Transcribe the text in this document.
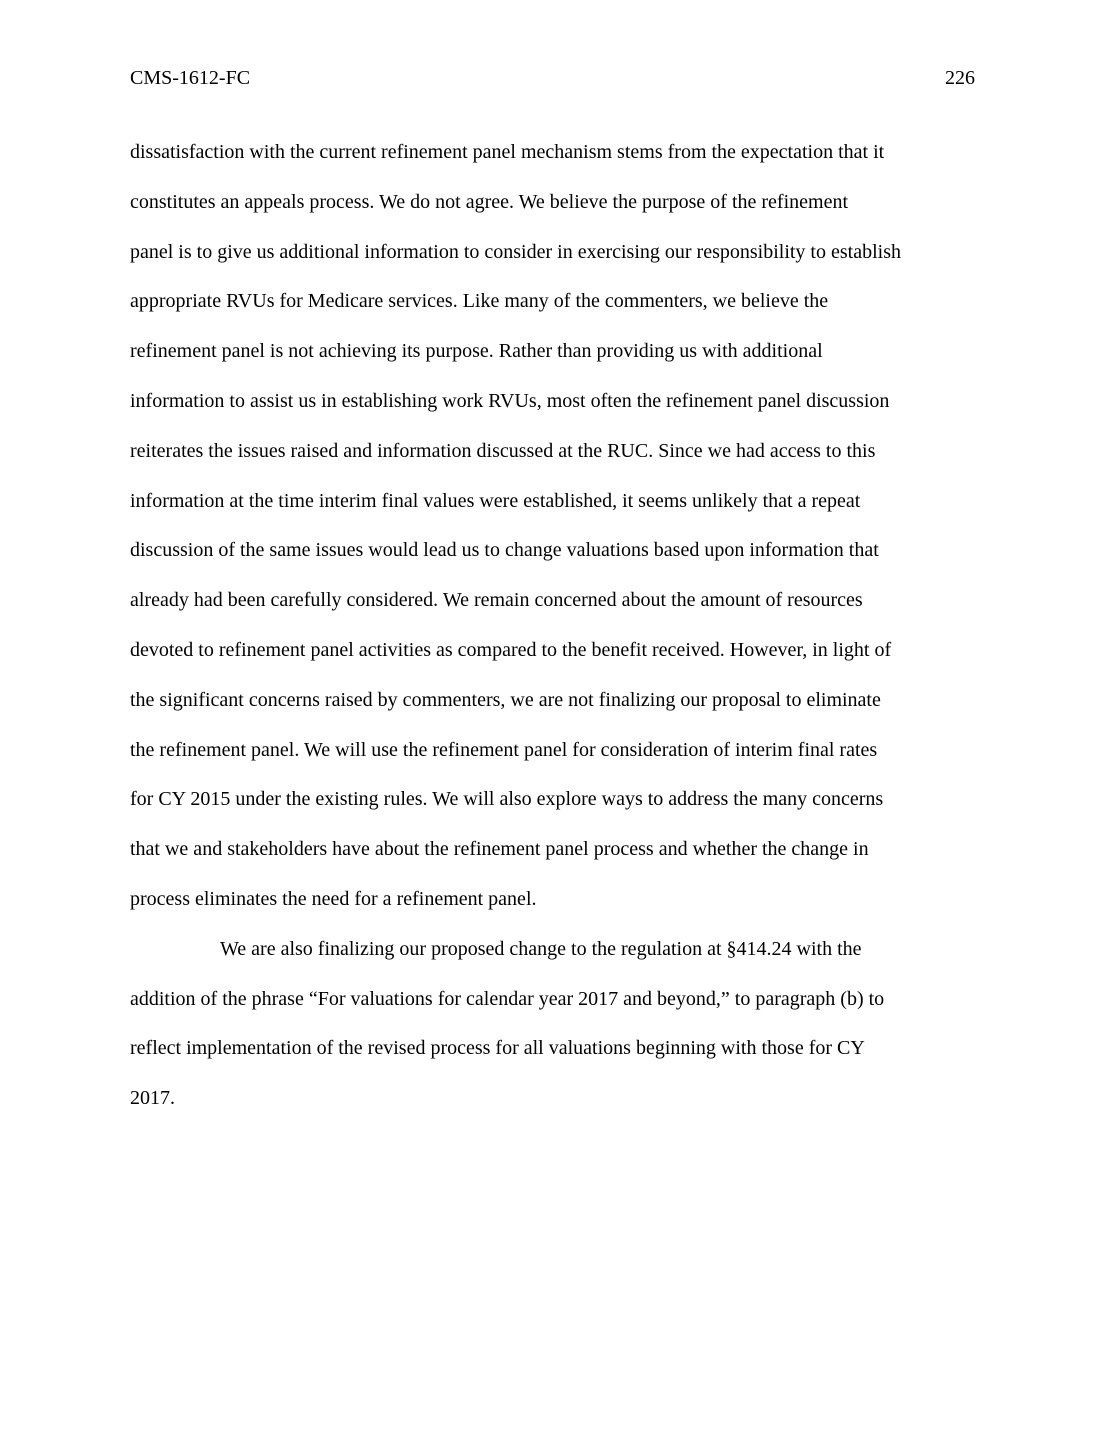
CMS-1612-FC	226
dissatisfaction with the current refinement panel mechanism stems from the expectation that it
constitutes an appeals process. We do not agree. We believe the purpose of the refinement
panel is to give us additional information to consider in exercising our responsibility to establish
appropriate RVUs for Medicare services. Like many of the commenters, we believe the
refinement panel is not achieving its purpose. Rather than providing us with additional
information to assist us in establishing work RVUs, most often the refinement panel discussion
reiterates the issues raised and information discussed at the RUC. Since we had access to this
information at the time interim final values were established, it seems unlikely that a repeat
discussion of the same issues would lead us to change valuations based upon information that
already had been carefully considered. We remain concerned about the amount of resources
devoted to refinement panel activities as compared to the benefit received. However, in light of
the significant concerns raised by commenters, we are not finalizing our proposal to eliminate
the refinement panel. We will use the refinement panel for consideration of interim final rates
for CY 2015 under the existing rules. We will also explore ways to address the many concerns
that we and stakeholders have about the refinement panel process and whether the change in
process eliminates the need for a refinement panel.
We are also finalizing our proposed change to the regulation at §414.24 with the
addition of the phrase “For valuations for calendar year 2017 and beyond,” to paragraph (b) to
reflect implementation of the revised process for all valuations beginning with those for CY
2017.
